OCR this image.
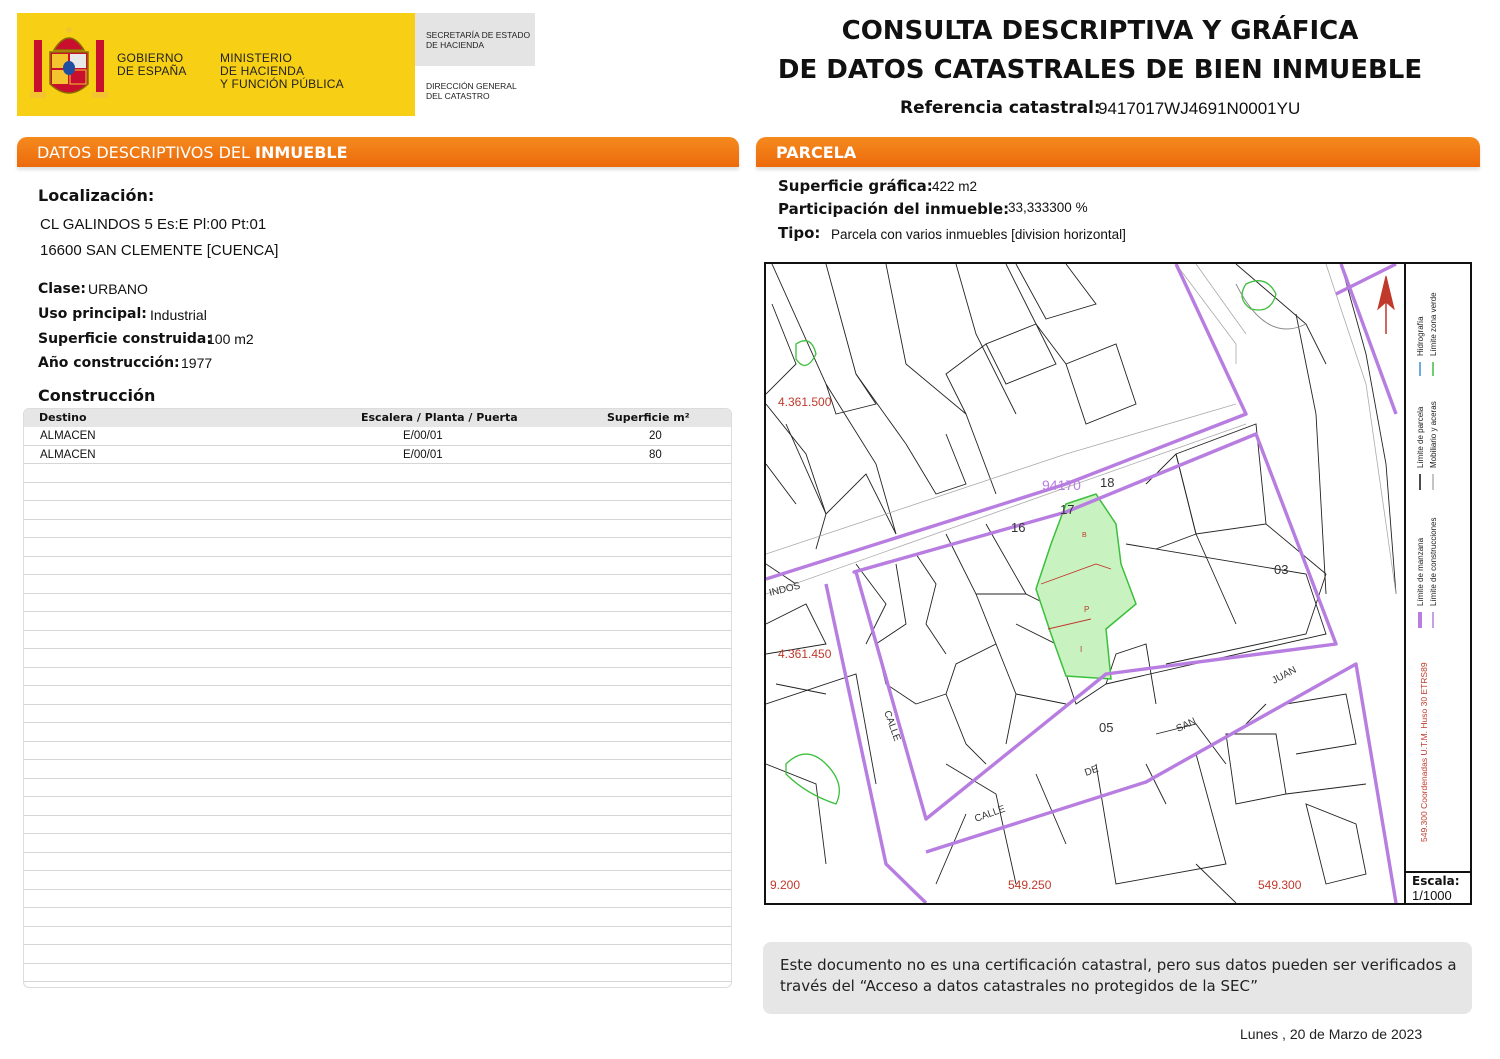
GOBIERNO
DE ESPAÑA
MINISTERIO
DE HACIENDA
Y FUNCIÓN PÚBLICA
SECRETARÍA DE ESTADO
DE HACIENDA
DIRECCIÓN GENERAL
DEL CATASTRO
CONSULTA DESCRIPTIVA Y GRÁFICA
DE DATOS CATASTRALES DE BIEN INMUEBLE
Referencia catastral:
9417017WJ4691N0001YU
DATOS DESCRIPTIVOS DEL INMUEBLE
Localización:
CL GALINDOS 5 Es:E Pl:00 Pt:01
16600 SAN CLEMENTE [CUENCA]
Clase: URBANO
Uso principal: Industrial
Superficie construida:
100 m2
Año construcción: 1977
Construcción
Destino	Escalera / Planta / Puerta	Superficie m²
ALMACEN	E/00/01	20
ALMACEN	E/00/01	80
PARCELA
Superficie gráfica: 422 m2
Participación del inmueble:
33,333300 %
Tipo: Parcela con varios inmuebles [division horizontal]
4.361.500
4.361.450
9.200	549.250	549.300
94170 18
17
16
03
05
INDOS
CALLE
CALLE
DE
SAN
JUAN
B
P
I
Límite de manzana Límite de construcciones
Límite de parcela Mobiliario y aceras
Hidrografía Límite zona verde
549.300 Coordenadas U.T.M. Huso 30 ETRS89
Escala:
1/1000
Este documento no es una certificación catastral, pero sus datos pueden ser verificados a
través del “Acceso a datos catastrales no protegidos de la SEC”
Lunes , 20 de Marzo de 2023
